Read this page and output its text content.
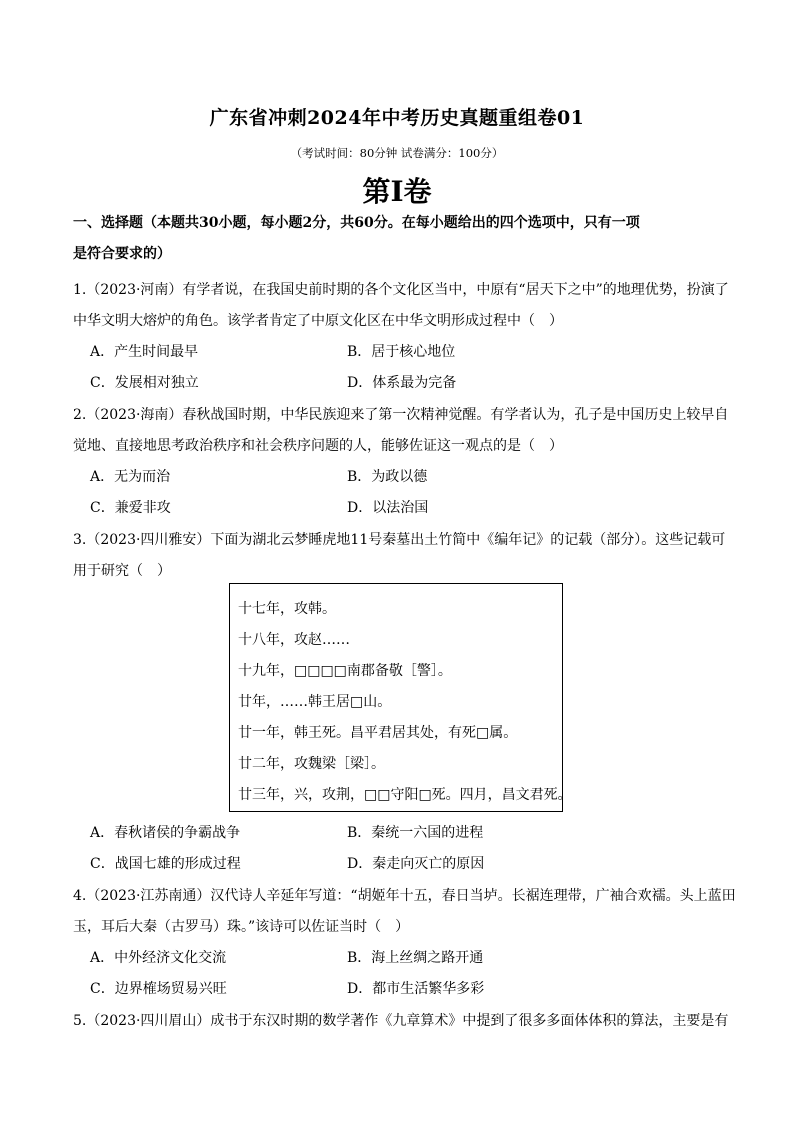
广东省冲刺2024年中考历史真题重组卷01
（考试时间：80分钟 试卷满分：100分）
第I卷
一、选择题（本题共30小题，每小题2分，共60分。在每小题给出的四个选项中，只有一项
是符合要求的）
1.（2023·河南）有学者说，在我国史前时期的各个文化区当中，中原有“居天下之中”的地理优势，扮演了
中华文明大熔炉的角色。该学者肯定了中原文化区在中华文明形成过程中（　）
A．产生时间最早	B．居于核心地位
C．发展相对独立	D．体系最为完备
2.（2023·海南）春秋战国时期，中华民族迎来了第一次精神觉醒。有学者认为，孔子是中国历史上较早自
觉地、直接地思考政治秩序和社会秩序问题的人，能够佐证这一观点的是（　）
A．无为而治	B．为政以德
C．兼爱非攻	D．以法治国
3.（2023·四川雅安）下面为湖北云梦睡虎地11号秦墓出土竹简中《编年记》的记载（部分）。这些记载可
用于研究（　）
十七年，攻韩。
十八年，攻赵……
十九年，□□□□南郡备敬［警］。
廿年，……韩王居□山。
廿一年，韩王死。昌平君居其处，有死□属。
廿二年，攻魏梁［梁］。
廿三年，兴，攻荆，□□守阳□死。四月，昌文君死。
A．春秋诸侯的争霸战争	B．秦统一六国的进程
C．战国七雄的形成过程	D．秦走向灭亡的原因
4.（2023·江苏南通）汉代诗人辛延年写道：“胡姬年十五，春日当垆。长裾连理带，广袖合欢襦。头上蓝田
玉，耳后大秦（古罗马）珠。”该诗可以佐证当时（　）
A．中外经济文化交流	B．海上丝绸之路开通
C．边界榷场贸易兴旺	D．都市生活繁华多彩
5.（2023·四川眉山）成书于东汉时期的数学著作《九章算术》中提到了很多多面体体积的算法，主要是有
